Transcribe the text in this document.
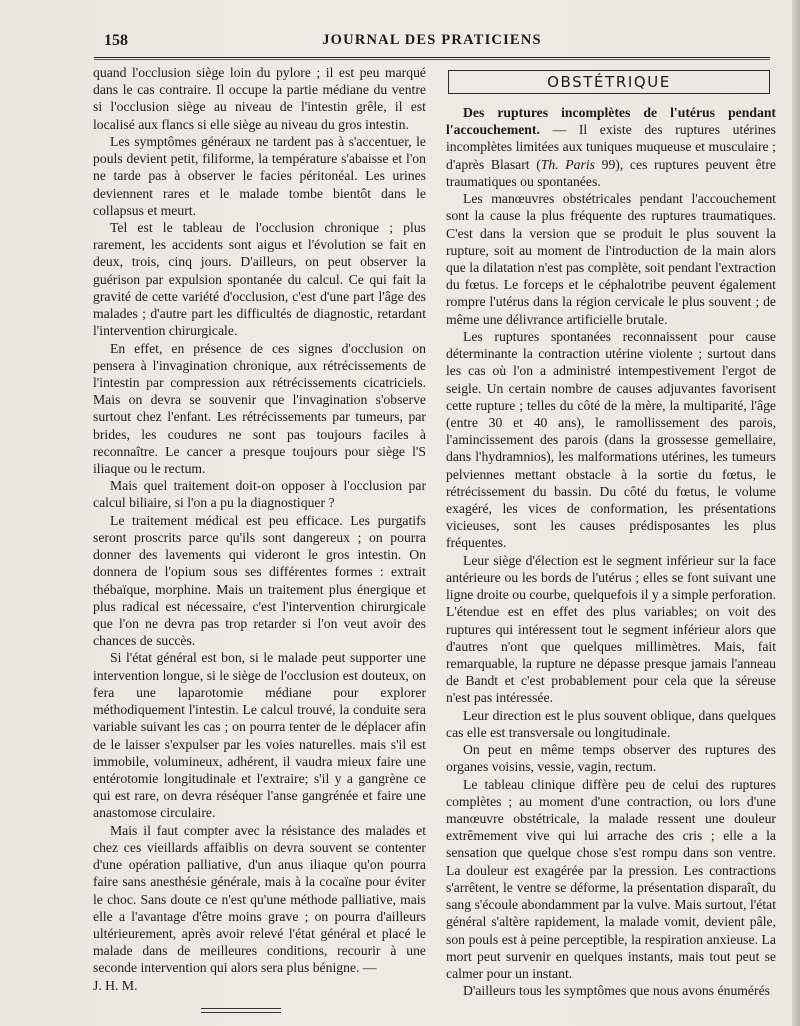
158	JOURNAL DES PRATICIENS

quand l'occlusion siège loin du pylore ; il est peu marqué dans le cas contraire. Il occupe la partie médiane du ventre si l'occlusion siège au niveau de l'intestin grêle, il est localisé aux flancs si elle siège au niveau du gros intestin.

Les symptômes généraux ne tardent pas à s'accentuer, le pouls devient petit, filiforme, la température s'abaisse et l'on ne tarde pas à observer le facies péritonéal. Les urines deviennent rares et le malade tombe bientôt dans le collapsus et meurt.

Tel est le tableau de l'occlusion chronique ; plus rarement, les accidents sont aigus et l'évolution se fait en deux, trois, cinq jours. D'ailleurs, on peut observer la guérison par expulsion spontanée du calcul. Ce qui fait la gravité de cette variété d'occlusion, c'est d'une part l'âge des malades ; d'autre part les difficultés de diagnostic, retardant l'intervention chirurgicale.

En effet, en présence de ces signes d'occlusion on pensera à l'invagination chronique, aux rétrécissements de l'intestin par compression aux rétrécissements cicatriciels. Mais on devra se souvenir que l'invagination s'observe surtout chez l'enfant. Les rétrécissements par tumeurs, par brides, les coudures ne sont pas toujours faciles à reconnaître. Le cancer a presque toujours pour siège l'S iliaque ou le rectum.

Mais quel traitement doit-on opposer à l'occlusion par calcul biliaire, si l'on a pu la diagnostiquer ?

Le traitement médical est peu efficace. Les purgatifs seront proscrits parce qu'ils sont dangereux ; on pourra donner des lavements qui videront le gros intestin. On donnera de l'opium sous ses différentes formes : extrait thébaïque, morphine. Mais un traitement plus énergique et plus radical est nécessaire, c'est l'intervention chirurgicale que l'on ne devra pas trop retarder si l'on veut avoir des chances de succès.

Si l'état général est bon, si le malade peut supporter une intervention longue, si le siège de l'occlusion est douteux, on fera une laparotomie médiane pour explorer méthodiquement l'intestin. Le calcul trouvé, la conduite sera variable suivant les cas ; on pourra tenter de le déplacer afin de le laisser s'expulser par les voies naturelles. mais s'il est immobile, volumineux, adhérent, il vaudra mieux faire une entérotomie longitudinale et l'extraire; s'il y a gangrène ce qui est rare, on devra réséquer l'anse gangrénée et faire une anastomose circulaire.

Mais il faut compter avec la résistance des malades et chez ces vieillards affaiblis on devra souvent se contenter d'une opération palliative, d'un anus iliaque qu'on pourra faire sans anesthésie générale, mais à la cocaïne pour éviter le choc. Sans doute ce n'est qu'une méthode palliative, mais elle a l'avantage d'être moins grave ; on pourra d'ailleurs ultérieurement, après avoir relevé l'état général et placé le malade dans de meilleures conditions, recourir à une seconde intervention qui alors sera plus bénigne. —

J. H. M.

OBSTÉTRIQUE

Des ruptures incomplètes de l'utérus pendant l'accouchement. — Il existe des ruptures utérines incomplètes limitées aux tuniques muqueuse et musculaire ; d'après Blasart (Th. Paris 99), ces ruptures peuvent être traumatiques ou spontanées.

Les manœuvres obstétricales pendant l'accouchement sont la cause la plus fréquente des ruptures traumatiques. C'est dans la version que se produit le plus souvent la rupture, soit au moment de l'introduction de la main alors que la dilatation n'est pas complète, soit pendant l'extraction du fœtus. Le forceps et le céphalotribe peuvent également rompre l'utérus dans la région cervicale le plus souvent ; de même une délivrance artificielle brutale.

Les ruptures spontanées reconnaissent pour cause déterminante la contraction utérine violente ; surtout dans les cas où l'on a administré intempestivement l'ergot de seigle. Un certain nombre de causes adjuvantes favorisent cette rupture ; telles du côté de la mère, la multiparité, l'âge (entre 30 et 40 ans), le ramollissement des parois, l'amincissement des parois (dans la grossesse gemellaire, dans l'hydramnios), les malformations utérines, les tumeurs pelviennes mettant obstacle à la sortie du fœtus, le rétrécissement du bassin. Du côté du fœtus, le volume exagéré, les vices de conformation, les présentations vicieuses, sont les causes prédisposantes les plus fréquentes.

Leur siège d'élection est le segment inférieur sur la face antérieure ou les bords de l'utérus ; elles se font suivant une ligne droite ou courbe, quelquefois il y a simple perforation. L'étendue est en effet des plus variables; on voit des ruptures qui intéressent tout le segment inférieur alors que d'autres n'ont que quelques millimètres. Mais, fait remarquable, la rupture ne dépasse presque jamais l'anneau de Bandt et c'est probablement pour cela que la séreuse n'est pas intéressée.

Leur direction est le plus souvent oblique, dans quelques cas elle est transversale ou longitudinale.

On peut en même temps observer des ruptures des organes voisins, vessie, vagin, rectum.

Le tableau clinique diffère peu de celui des ruptures complètes ; au moment d'une contraction, ou lors d'une manœuvre obstétricale, la malade ressent une douleur extrêmement vive qui lui arrache des cris ; elle a la sensation que quelque chose s'est rompu dans son ventre. La douleur est exagérée par la pression. Les contractions s'arrêtent, le ventre se déforme, la présentation disparaît, du sang s'écoule abondamment par la vulve. Mais surtout, l'état général s'altère rapidement, la malade vomit, devient pâle, son pouls est à peine perceptible, la respiration anxieuse. La mort peut survenir en quelques instants, mais tout peut se calmer pour un instant.

D'ailleurs tous les symptômes que nous avons énumérés
